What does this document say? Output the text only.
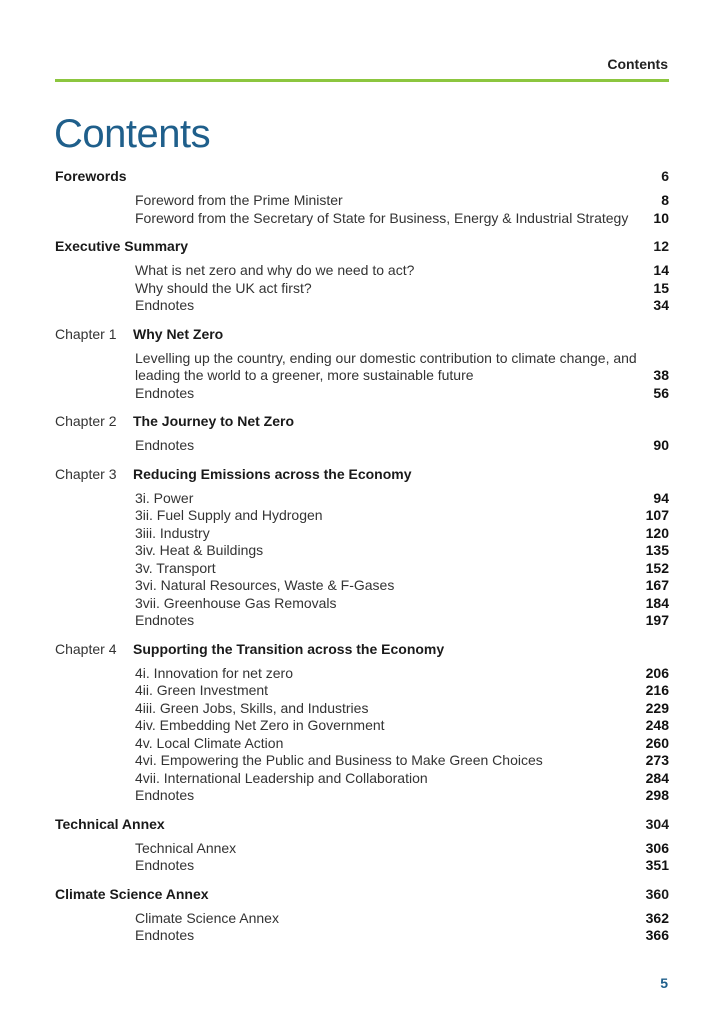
Contents
Contents
Forewords	6
Foreword from the Prime Minister	8
Foreword from the Secretary of State for Business, Energy & Industrial Strategy	10
Executive Summary	12
What is net zero and why do we need to act?	14
Why should the UK act first?	15
Endnotes	34
Chapter 1 Why Net Zero
Levelling up the country, ending our domestic contribution to climate change, and leading the world to a greener, more sustainable future	38
Endnotes	56
Chapter 2 The Journey to Net Zero
Endnotes	90
Chapter 3 Reducing Emissions across the Economy
3i. Power	94
3ii. Fuel Supply and Hydrogen	107
3iii. Industry	120
3iv. Heat & Buildings	135
3v. Transport	152
3vi. Natural Resources, Waste & F-Gases	167
3vii. Greenhouse Gas Removals	184
Endnotes	197
Chapter 4 Supporting the Transition across the Economy
4i. Innovation for net zero	206
4ii. Green Investment	216
4iii. Green Jobs, Skills, and Industries	229
4iv. Embedding Net Zero in Government	248
4v. Local Climate Action	260
4vi. Empowering the Public and Business to Make Green Choices	273
4vii. International Leadership and Collaboration	284
Endnotes	298
Technical Annex	304
Technical Annex	306
Endnotes	351
Climate Science Annex	360
Climate Science Annex	362
Endnotes	366
5
